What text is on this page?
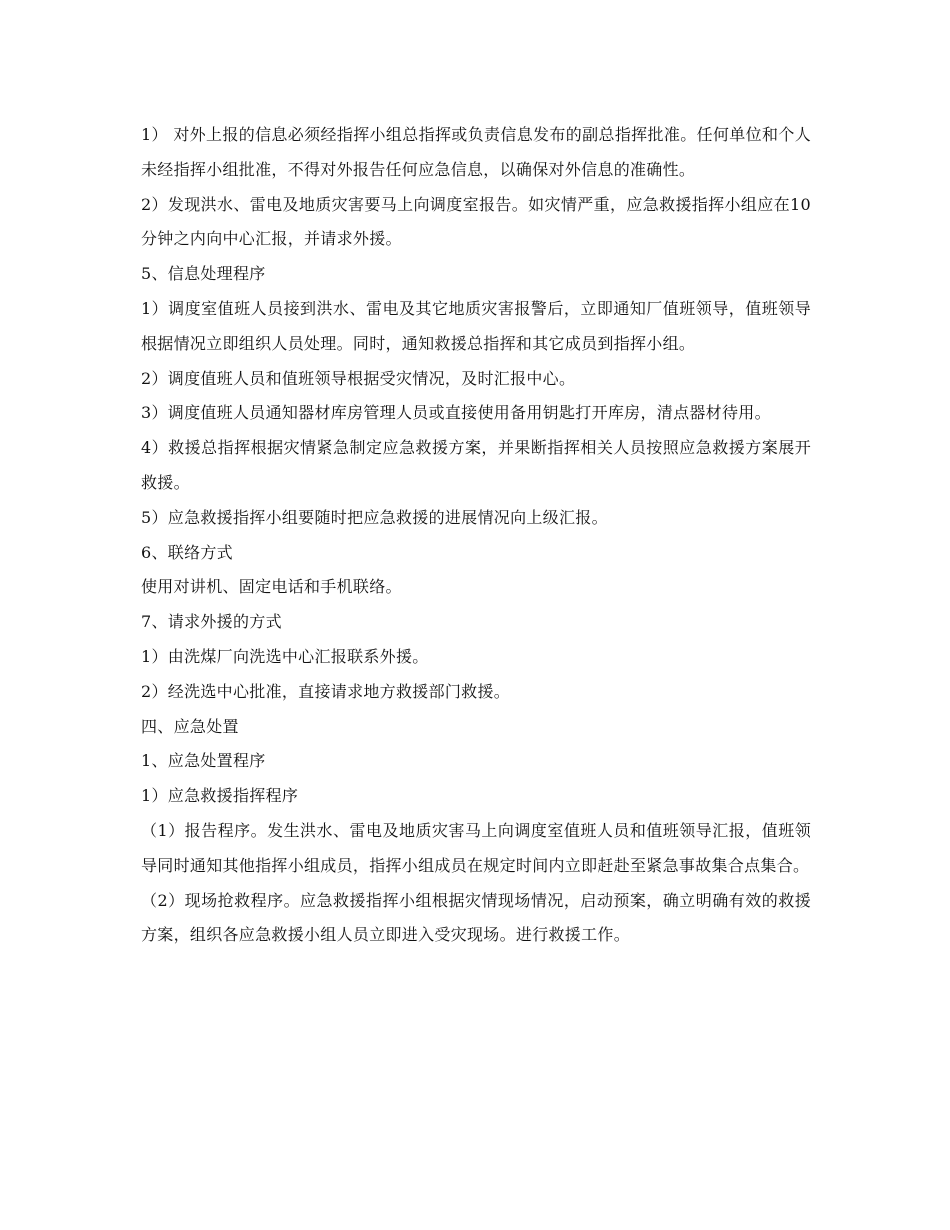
1） 对外上报的信息必须经指挥小组总指挥或负责信息发布的副总指挥批准。任何单位和个人未经指挥小组批准，不得对外报告任何应急信息，以确保对外信息的准确性。

2）发现洪水、雷电及地质灾害要马上向调度室报告。如灾情严重，应急救援指挥小组应在10分钟之内向中心汇报，并请求外援。

5、信息处理程序

1）调度室值班人员接到洪水、雷电及其它地质灾害报警后，立即通知厂值班领导，值班领导根据情况立即组织人员处理。同时，通知救援总指挥和其它成员到指挥小组。

2）调度值班人员和值班领导根据受灾情况，及时汇报中心。

3）调度值班人员通知器材库房管理人员或直接使用备用钥匙打开库房，清点器材待用。

4）救援总指挥根据灾情紧急制定应急救援方案，并果断指挥相关人员按照应急救援方案展开救援。

5）应急救援指挥小组要随时把应急救援的进展情况向上级汇报。

6、联络方式

使用对讲机、固定电话和手机联络。

7、请求外援的方式

1）由洗煤厂向洗选中心汇报联系外援。

2）经洗选中心批准，直接请求地方救援部门救援。

四、应急处置

1、应急处置程序

1）应急救援指挥程序

（1）报告程序。发生洪水、雷电及地质灾害马上向调度室值班人员和值班领导汇报，值班领导同时通知其他指挥小组成员，指挥小组成员在规定时间内立即赶赴至紧急事故集合点集合。

（2）现场抢救程序。应急救援指挥小组根据灾情现场情况，启动预案，确立明确有效的救援方案，组织各应急救援小组人员立即进入受灾现场。进行救援工作。
